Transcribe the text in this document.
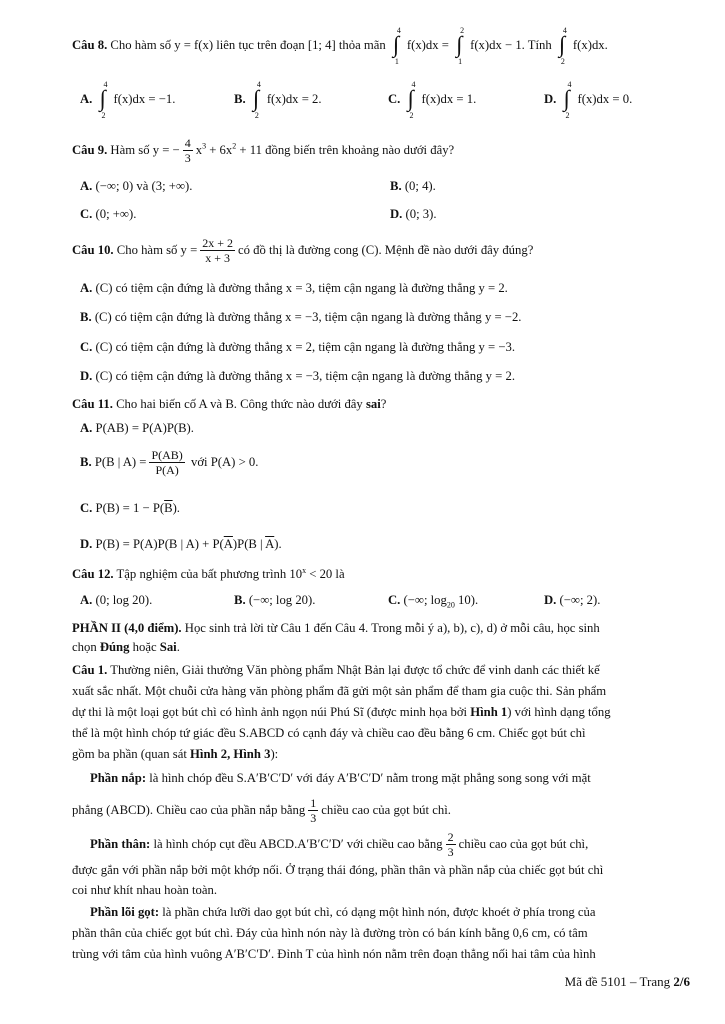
Câu 8. Cho hàm số y = f(x) liên tục trên đoạn [1; 4] thỏa mãn
4
∫
1
f(x)dx =
2
∫
1
f(x)dx − 1. Tính
4
∫
2
f(x)dx.
A.
4
∫
2
f(x)dx = −1.	B.
4
∫
2
f(x)dx = 2.	C.
4
∫
2
f(x)dx = 1.	D.
4
∫
2
f(x)dx = 0.
Câu 9. Hàm số y = − $\frac{4}{3} x^3 + 6x^2 + 11$ đồng biến trên khoảng nào dưới đây?
A. (−∞; 0) và (3; +∞).	B. (0; 4).
C. (0; +∞).	D. (0; 3).
Câu 10. Cho hàm số $y = \frac{2x + 2}{x + 3}$ có đồ thị là đường cong (C). Mệnh đề nào dưới đây đúng?
A. (C) có tiệm cận đứng là đường thẳng x = 3, tiệm cận ngang là đường thẳng y = 2.
B. (C) có tiệm cận đứng là đường thẳng x = −3, tiệm cận ngang là đường thẳng y = −2.
C. (C) có tiệm cận đứng là đường thẳng x = 2, tiệm cận ngang là đường thẳng y = −3.
D. (C) có tiệm cận đứng là đường thẳng x = −3, tiệm cận ngang là đường thẳng y = 2.
Câu 11. Cho hai biến cố A và B. Công thức nào dưới đây sai?
A. P(AB) = P(A)P(B).
B. P(B | $A) = \frac{P(AB)}{P(A)}$ với P(A) > 0.
C. $P(B) = 1 - P(\overline{B})$.
D. P(B) = P(A)P(B | $A) + P(\overline{A})P(B$ | $\overline{A}$).
Câu 12. Tập nghiệm của bất phương trình $10^x < 20$ là
A. (0; log 20).	B. (−∞; log 20).	C. (−∞; $\log_{20} 10$).	D. (−∞; 2).
PHẦN II (4,0 điểm). Học sinh trả lời từ Câu 1 đến Câu 4. Trong mỗi ý a), b), c), d) ở mỗi câu, học sinh
chọn Đúng hoặc Sai.
Câu 1. Thường niên, Giải thưởng Văn phòng phẩm Nhật Bản lại được tổ chức để vinh danh các thiết kế
xuất sắc nhất. Một chuỗi cửa hàng văn phòng phẩm đã gửi một sản phẩm để tham gia cuộc thi. Sản phẩm
dự thi là một loại gọt bút chì có hình ảnh ngọn núi Phú Sĩ (được minh họa bởi Hình 1) với hình dạng tổng
thể là một hình chóp tứ giác đều S.ABCD có cạnh đáy và chiều cao đều bằng 6 cm. Chiếc gọt bút chì
gồm ba phần (quan sát Hình 2, Hình 3):
Phần nắp: là hình chóp đều S.A′B′C′D′ với đáy A′B′C′D′ nằm trong mặt phẳng song song với mặt
phẳng (ABCD). Chiều cao của phần nắp bằng $\frac{1}{3}$ chiều cao của gọt bút chì.
Phần thân: là hình chóp cụt đều ABCD.A′B′C′D′ với chiều cao bằng $\frac{2}{3}$ chiều cao của gọt bút chì,
được gắn với phần nắp bởi một khớp nối. Ở trạng thái đóng, phần thân và phần nắp của chiếc gọt bút chì
coi như khít nhau hoàn toàn.
Phần lõi gọt: là phần chứa lưỡi dao gọt bút chì, có dạng một hình nón, được khoét ở phía trong của
phần thân của chiếc gọt bút chì. Đáy của hình nón này là đường tròn có bán kính bằng 0,6 cm, có tâm
trùng với tâm của hình vuông A′B′C′D′. Đỉnh T của hình nón nằm trên đoạn thẳng nối hai tâm của hình
Mã đề 5101 – Trang 2/6
